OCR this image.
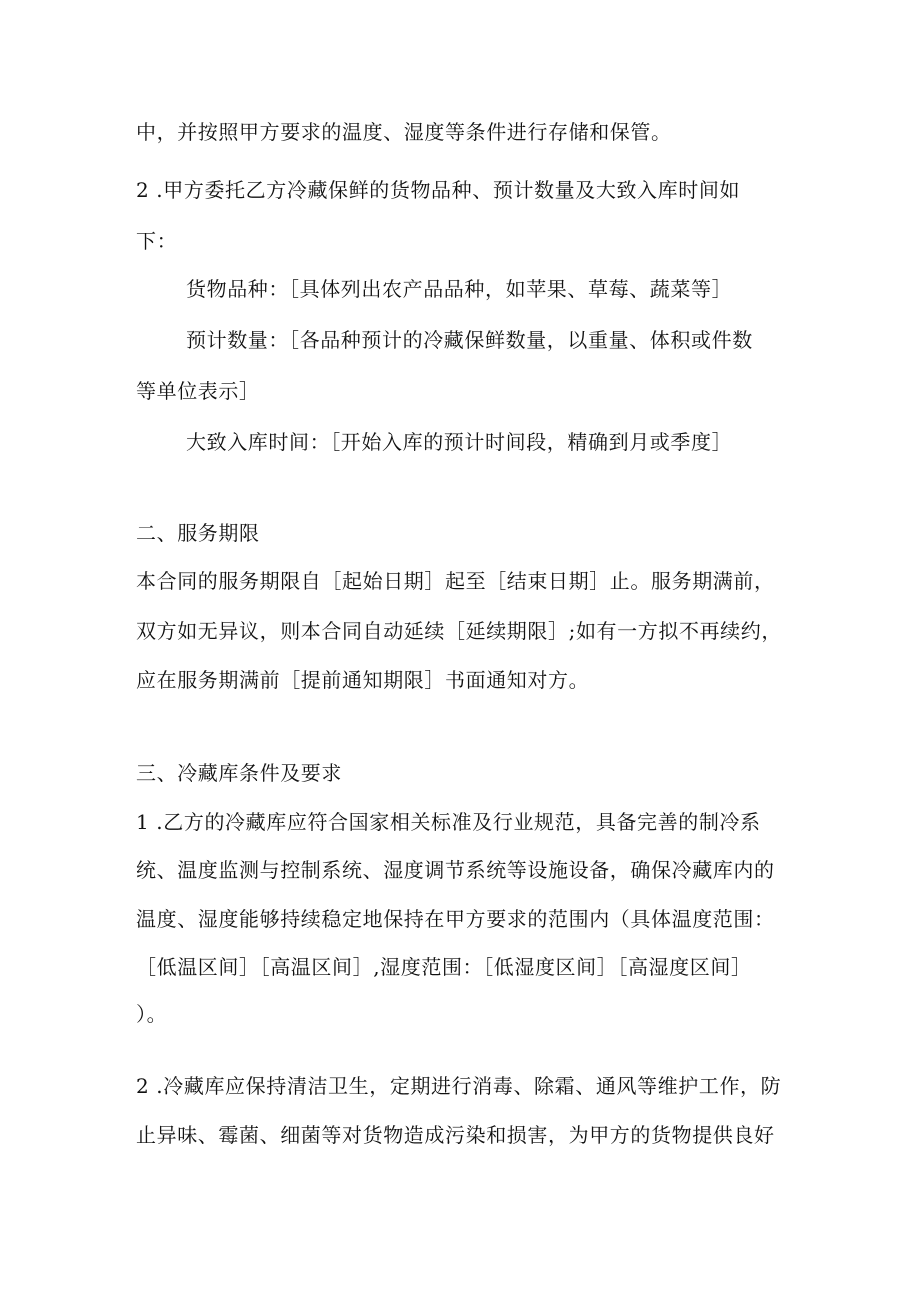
中，并按照甲方要求的温度、湿度等条件进行存储和保管。
2 .甲方委托乙方冷藏保鲜的货物品种、预计数量及大致入库时间如
下：
货物品种：［具体列出农产品品种，如苹果、草莓、蔬菜等］
预计数量：［各品种预计的冷藏保鲜数量，以重量、体积或件数
等单位表示］
大致入库时间：［开始入库的预计时间段，精确到月或季度］
二、服务期限
本合同的服务期限自［起始日期］起至［结束日期］止。服务期满前，
双方如无异议，则本合同自动延续［延续期限］;如有一方拟不再续约，
应在服务期满前［提前通知期限］书面通知对方。
三、冷藏库条件及要求
1 .乙方的冷藏库应符合国家相关标准及行业规范，具备完善的制冷系
统、温度监测与控制系统、湿度调节系统等设施设备，确保冷藏库内的
温度、湿度能够持续稳定地保持在甲方要求的范围内（具体温度范围：
［低温区间］［高温区间］,湿度范围：［低湿度区间］［高湿度区间］
）。
2 .冷藏库应保持清洁卫生，定期进行消毒、除霜、通风等维护工作，防
止异味、霉菌、细菌等对货物造成污染和损害，为甲方的货物提供良好
